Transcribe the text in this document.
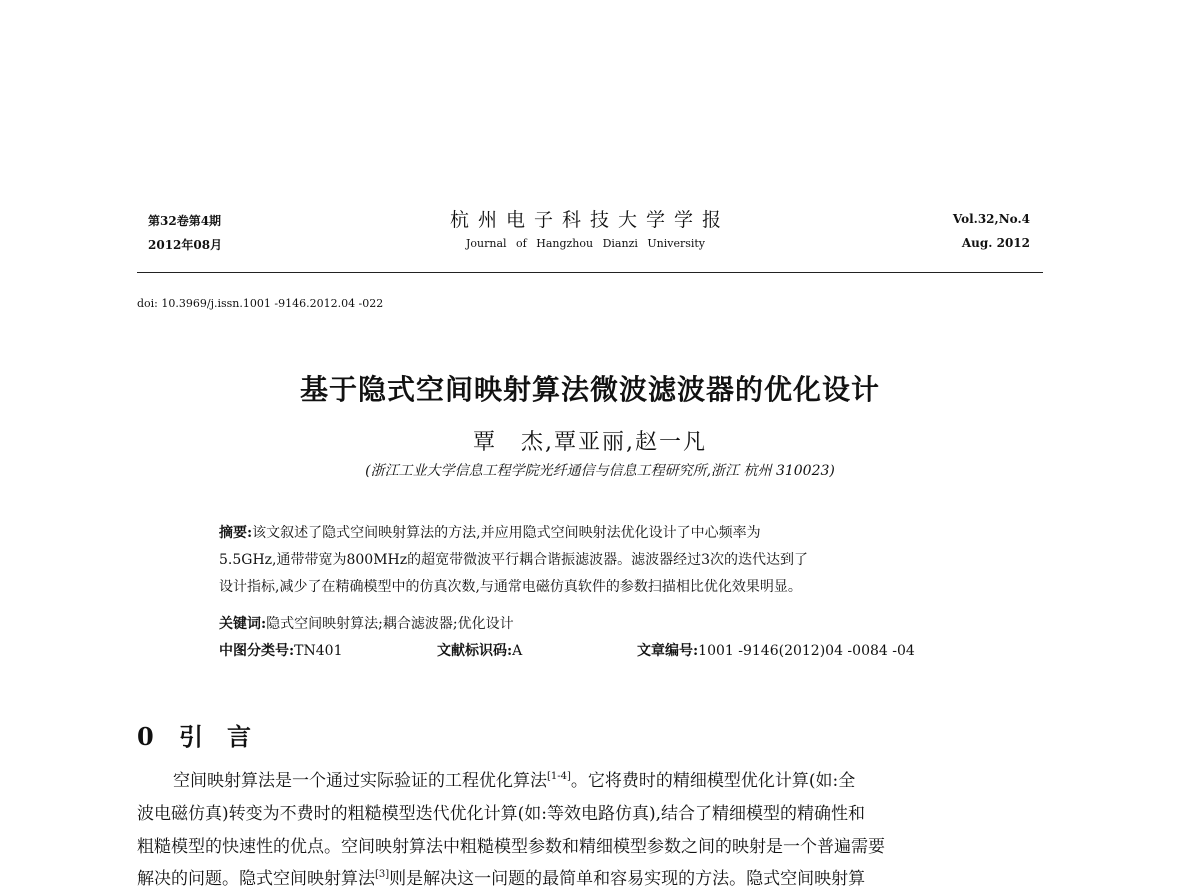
第32卷第4期
2012年08月
杭州电子科技大学学报
Journal of Hangzhou Dianzi University
Vol.32,No.4
Aug. 2012
doi: 10.3969/j.issn.1001 -9146.2012.04 -022
基于隐式空间映射算法微波滤波器的优化设计
覃　杰,覃亚丽,赵一凡
(浙江工业大学信息工程学院光纤通信与信息工程研究所,浙江 杭州 310023)
摘要:该文叙述了隐式空间映射算法的方法,并应用隐式空间映射法优化设计了中心频率为
5.5GHz,通带带宽为800MHz的超宽带微波平行耦合谐振滤波器。滤波器经过3次的迭代达到了
设计指标,减少了在精确模型中的仿真次数,与通常电磁仿真软件的参数扫描相比优化效果明显。
关键词:隐式空间映射算法;耦合滤波器;优化设计
中图分类号:TN401	文献标识码:A	文章编号:1001 -9146(2012)04 -0084 -04
0 引　言
空间映射算法是一个通过实际验证的工程优化算法[1-4]。它将费时的精细模型优化计算(如:全
波电磁仿真)转变为不费时的粗糙模型迭代优化计算(如:等效电路仿真),结合了精细模型的精确性和
粗糙模型的快速性的优点。空间映射算法中粗糙模型参数和精细模型参数之间的映射是一个普遍需要
解决的问题。隐式空间映射算法[3]则是解决这一问题的最简单和容易实现的方法。隐式空间映射算
